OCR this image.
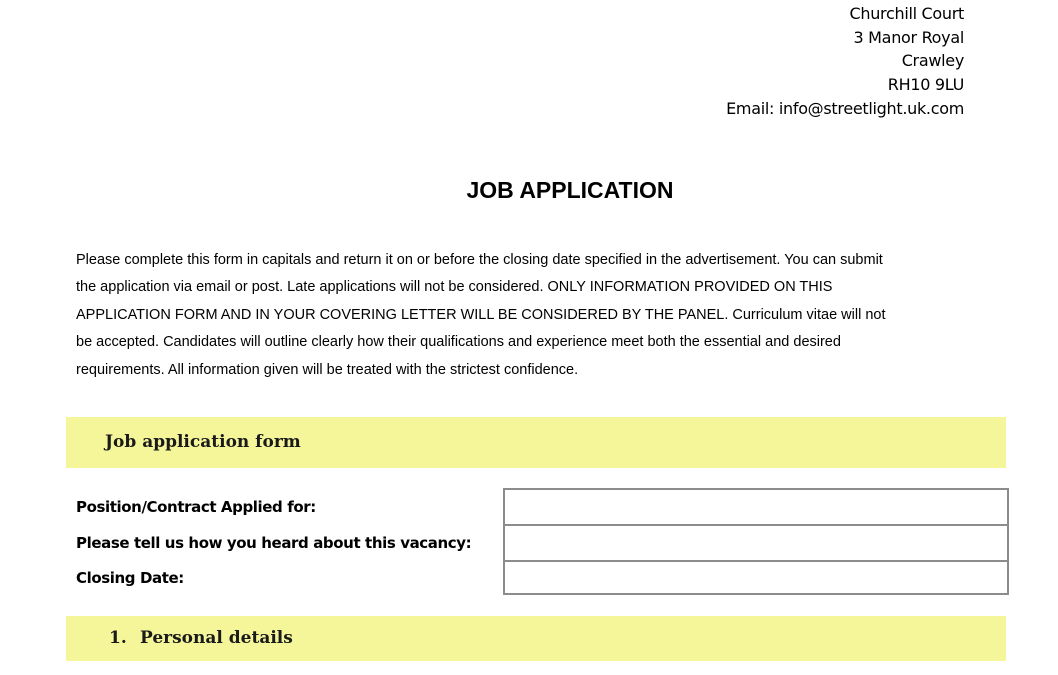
Churchill Court
3 Manor Royal
Crawley
RH10 9LU
Email: info@streetlight.uk.com
JOB APPLICATION
Please complete this form in capitals and return it on or before the closing date specified in the advertisement. You can submit
the application via email or post. Late applications will not be considered. ONLY INFORMATION PROVIDED ON THIS
APPLICATION FORM AND IN YOUR COVERING LETTER WILL BE CONSIDERED BY THE PANEL. Curriculum vitae will not
be accepted. Candidates will outline clearly how their qualifications and experience meet both the essential and desired
requirements. All information given will be treated with the strictest confidence.
Job application form
Position/Contract Applied for:
Please tell us how you heard about this vacancy:
Closing Date:
1. Personal details
